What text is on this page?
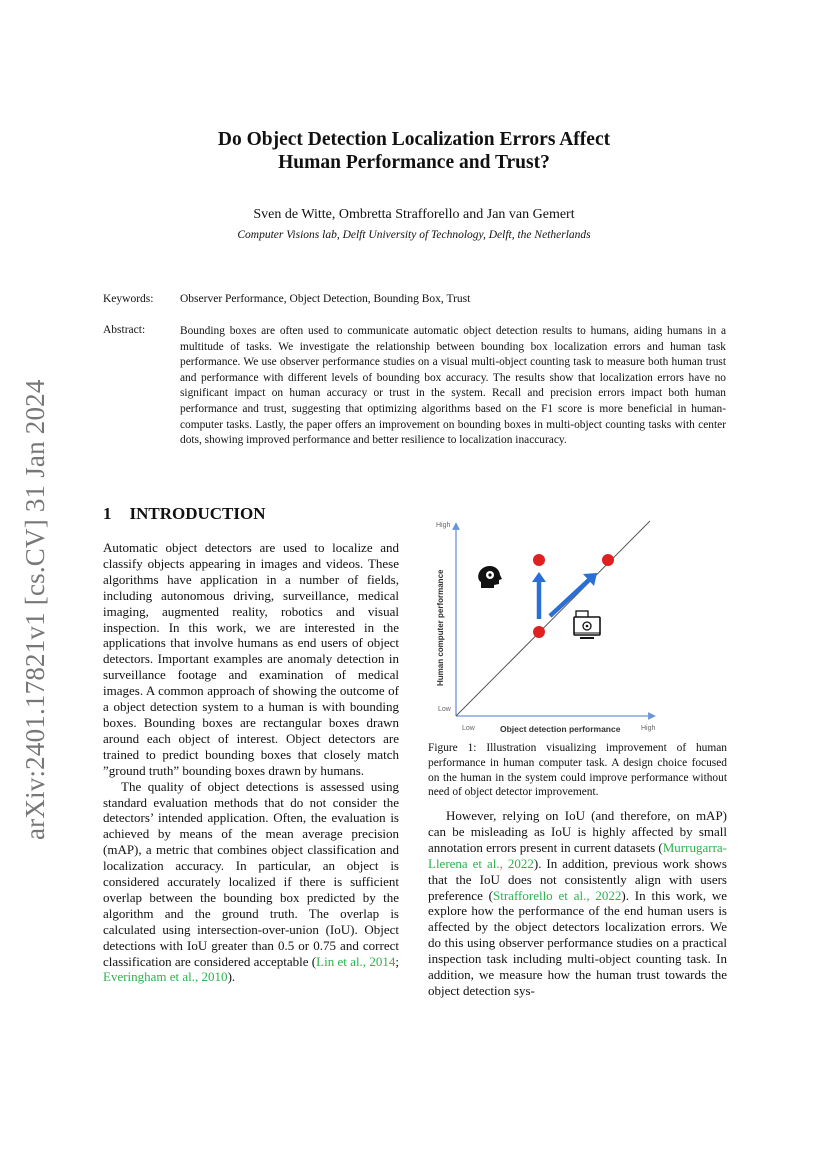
arXiv:2401.17821v1 [cs.CV] 31 Jan 2024
Do Object Detection Localization Errors Affect
Human Performance and Trust?
Sven de Witte, Ombretta Strafforello and Jan van Gemert
Computer Visions lab, Delft University of Technology, Delft, the Netherlands
Keywords: Observer Performance, Object Detection, Bounding Box, Trust
Abstract:	Bounding boxes are often used to communicate automatic object detection results to humans, aiding humans in a multitude of tasks. We investigate the relationship between bounding box localization errors and human task performance. We use observer performance studies on a visual multi-object counting task to measure both human trust and performance with different levels of bounding box accuracy. The results show that localization errors have no significant impact on human accuracy or trust in the system. Recall and precision errors impact both human performance and trust, suggesting that optimizing algorithms based on the F1 score is more beneficial in human-computer tasks. Lastly, the paper offers an improvement on bounding boxes in multi-object counting tasks with center dots, showing improved performance and better resilience to localization inaccuracy.
1 INTRODUCTION

Automatic object detectors are used to localize and classify objects appearing in images and videos. These algorithms have application in a number of fields, including autonomous driving, surveillance, medical imaging, augmented reality, robotics and visual inspection. In this work, we are interested in the applications that involve humans as end users of object detectors. Important examples are anomaly detection in surveillance footage and examination of medical images. A common approach of showing the outcome of a object detection system to a human is with bounding boxes. Bounding boxes are rectangular boxes drawn around each object of interest. Object detectors are trained to predict bounding boxes that closely match ”ground truth” bounding boxes drawn by humans.

The quality of object detections is assessed using standard evaluation methods that do not consider the detectors’ intended application. Often, the evaluation is achieved by means of the mean average precision (mAP), a metric that combines object classification and localization accuracy. In particular, an object is considered accurately localized if there is sufficient overlap between the bounding box predicted by the algorithm and the ground truth. The overlap is calculated using intersection-over-union (IoU). Object detections with IoU greater than 0.5 or 0.75 and correct classification are considered acceptable (Lin et al., 2014; Everingham et al., 2010).

High
Low
Human computer performance
Low	Object detection performance	High
Figure 1: Illustration visualizing improvement of human performance in human computer task. A design choice focused on the human in the system could improve performance without need of object detector improvement.

However, relying on IoU (and therefore, on mAP) can be misleading as IoU is highly affected by small annotation errors present in current datasets (Murrugarra-Llerena et al., 2022). In addition, previous work shows that the IoU does not consistently align with users preference (Strafforello et al., 2022). In this work, we explore how the performance of the end human users is affected by the object detectors localization errors. We do this using observer performance studies on a practical inspection task including multi-object counting task. In addition, we measure how the human trust towards the object detection sys-
